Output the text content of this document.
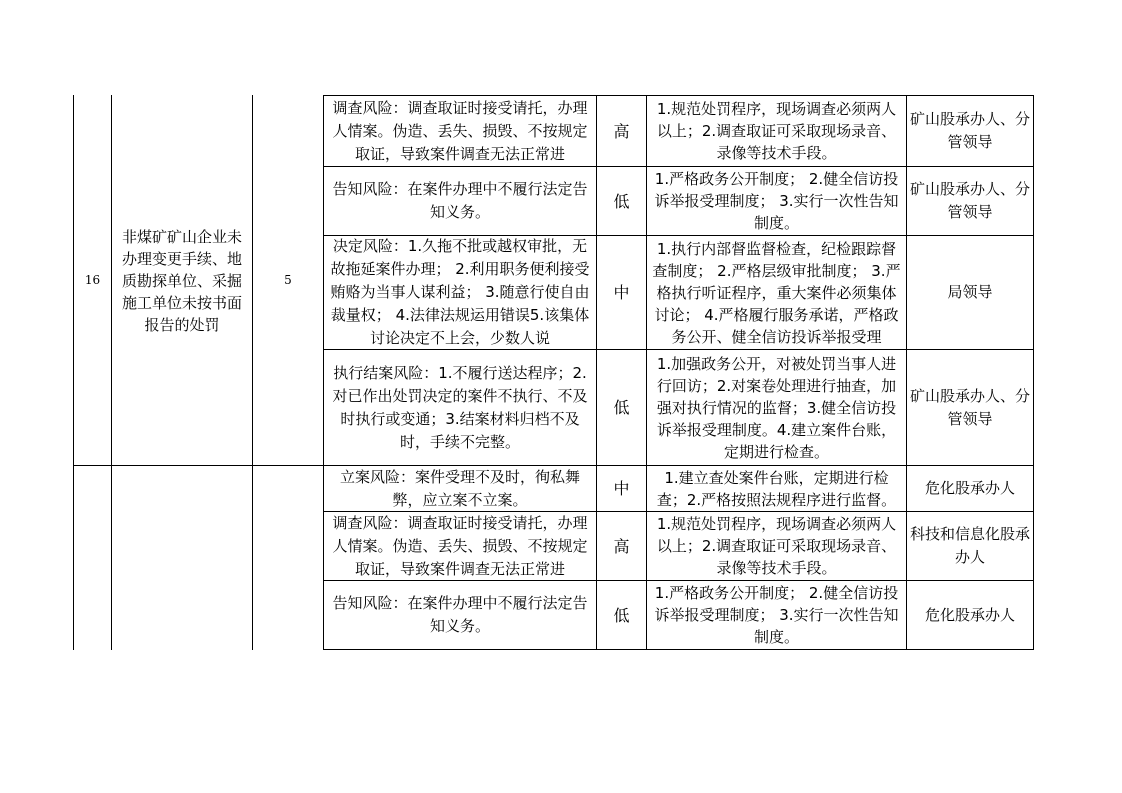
16
非煤矿矿山企业未办理变更手续、地质勘探单位、采掘施工单位未按书面报告的处罚
5
调查风险：调查取证时接受请托，办理人情案。伪造、丢失、损毁、不按规定取证，导致案件调查无法正常进
高
1.规范处罚程序，现场调查必须两人以上；2.调查取证可采取现场录音、录像等技术手段。
矿山股承办人、分管领导
告知风险：在案件办理中不履行法定告知义务。
低
1.严格政务公开制度； 2.健全信访投诉举报受理制度； 3.实行一次性告知制度。
矿山股承办人、分管领导
决定风险：1.久拖不批或越权审批，无故拖延案件办理； 2.利用职务便利接受贿赂为当事人谋利益； 3.随意行使自由裁量权； 4.法律法规运用错误5.该集体讨论决定不上会，少数人说
中
1.执行内部督监督检查，纪检跟踪督查制度； 2.严格层级审批制度； 3.严格执行听证程序，重大案件必须集体讨论； 4.严格履行服务承诺，严格政务公开、健全信访投诉举报受理
局领导
执行结案风险：1.不履行送达程序；2.对已作出处罚决定的案件不执行、不及时执行或变通；3.结案材料归档不及时，手续不完整。
低
1.加强政务公开，对被处罚当事人进行回访；2.对案卷处理进行抽查，加强对执行情况的监督；3.健全信访投诉举报受理制度。4.建立案件台账，定期进行检查。
矿山股承办人、分管领导
立案风险：案件受理不及时，徇私舞弊，应立案不立案。
中
1.建立查处案件台账，定期进行检查；2.严格按照法规程序进行监督。
危化股承办人
调查风险：调查取证时接受请托，办理人情案。伪造、丢失、损毁、不按规定取证，导致案件调查无法正常进
高
1.规范处罚程序，现场调查必须两人以上；2.调查取证可采取现场录音、录像等技术手段。
科技和信息化股承办人
告知风险：在案件办理中不履行法定告知义务。
低
1.严格政务公开制度； 2.健全信访投诉举报受理制度； 3.实行一次性告知制度。
危化股承办人
